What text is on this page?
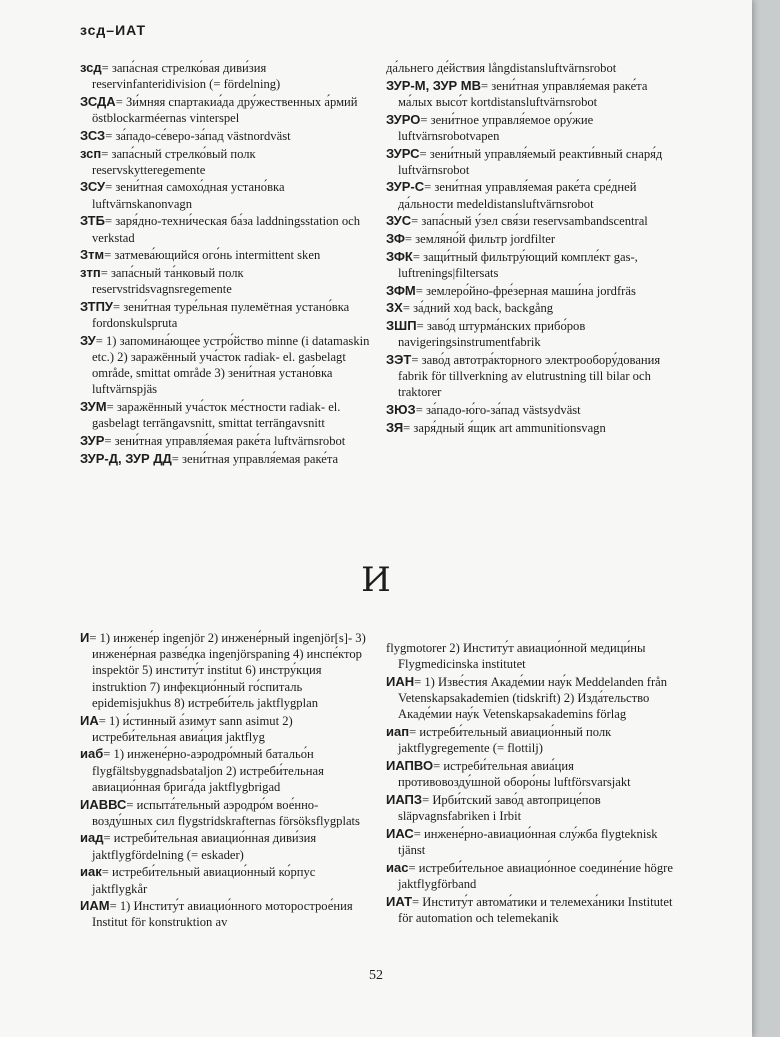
зсд–ИАТ

зсд= запа́сная стрелко́вая диви́зия reservinfanteridivision (= fördelning)

ЗСДА= Зи́мняя спартакиа́да дру́жественных а́рмий östblockarméernas vinterspel

ЗСЗ= за́падо-се́веро-за́пад västnordväst

зсп= запа́сный стрелко́вый полк reservskytteregemente

ЗСУ= зени́тная самохо́дная устано́вка luftvärnskanonvagn

ЗТБ= заря́дно-техни́ческая ба́за laddningsstation och verkstad

Зтм= затмева́ющийся ого́нь intermittent sken

зтп= запа́сный та́нковый полк reservstridsvagnsregemente

ЗТПУ= зени́тная туре́льная пулемётная устано́вка fordonskulspruta

ЗУ= 1) запомина́ющее устро́йство minne (i datamaskin etc.) 2) заражённый уча́сток radiak- el. gasbelagt område, smittat område 3) зени́тная устано́вка luftvärnspjäs

ЗУМ= заражённый уча́сток ме́стности radiak- el. gasbelagt terrängavsnitt, smittat terrängavsnitt

ЗУР= зени́тная управля́емая раке́та luftvärnsrobot

ЗУР-Д, ЗУР ДД= зени́тная управля́емая раке́та

да́льнего де́йствия långdistansluftvärnsrobot

ЗУР-М, ЗУР МВ= зени́тная управля́емая раке́та ма́лых высо́т kortdistansluftvärnsrobot

ЗУРО= зени́тное управля́емое ору́жие luftvärnsrobotvapen

ЗУРС= зени́тный управля́емый реакти́вный снаря́д luftvärnsrobot

ЗУР-С= зени́тная управля́емая раке́та сре́дней да́льности medeldistansluftvärnsrobot

ЗУС= запа́сный у́зел свя́зи reservsambandscentral

ЗФ= земляно́й фильтр jordfilter

ЗФК= защи́тный фильтру́ющий компле́кт gas-, luftrenings|filtersats

ЗФМ= землеро́йно-фре́зерная маши́на jordfräs

ЗХ= за́дний ход back, backgång

ЗШП= заво́д штурма́нских прибо́ров navigeringsinstrumentfabrik

ЗЭТ= заво́д автотра́кторного электрообору́дования fabrik för tillverkning av elutrustning till bilar och traktorer

ЗЮЗ= за́падо-ю́го-за́пад västsydväst

ЗЯ= заря́дный я́щик art ammunitionsvagn

И

И= 1) инжене́р ingenjör 2) инжене́рный ingenjör[s]- 3) инжене́рная разве́дка ingenjörspaning 4) инспе́ктор inspektör 5) институ́т institut 6) инстру́кция instruktion 7) инфекцио́нный го́спиталь epidemisjukhus 8) истреби́тель jaktflygplan

ИА= 1) и́стинный а́зимут sann asimut 2) истреби́тельная авиа́ция jaktflyg

иаб= 1) инжене́рно-аэродро́мный батальо́н flygfältsbyggnadsbataljon 2) истреби́тельная авиацио́нная брига́да jaktflygbrigad

ИАВВС= испыта́тельный аэродро́м вое́нно-возду́шных сил flygstridskrafternas försöksflygplats

иад= истреби́тельная авиацио́нная диви́зия jaktflygfördelning (= eskader)

иак= истреби́тельный авиацио́нный ко́рпус jaktflygkår

ИАМ= 1) Институ́т авиацио́нного моторострое́ния Institut för konstruktion av

flygmotorer 2) Институ́т авиацио́нной медици́ны Flygmedicinska institutet

ИАН= 1) Изве́стия Акаде́мии нау́к Meddelanden från Vetenskapsakademien (tidskrift) 2) Изда́тельство Акаде́мии нау́к Vetenskapsakademins förlag

иап= истреби́тельный авиацио́нный полк jaktflygregemente (= flottilj)

ИАПВО= истреби́тельная авиа́ция противовозду́шной оборо́ны luftförsvarsjakt

ИАПЗ= Ирби́тский заво́д автоприце́пов släpvagnsfabriken i Irbit

ИАС= инжене́рно-авиацио́нная слу́жба flygteknisk tjänst

иас= истреби́тельное авиацио́нное соедине́ние högre jaktflygförband

ИАТ= Институ́т автома́тики и телемеха́ники Institutet för automation och telemekanik

52
